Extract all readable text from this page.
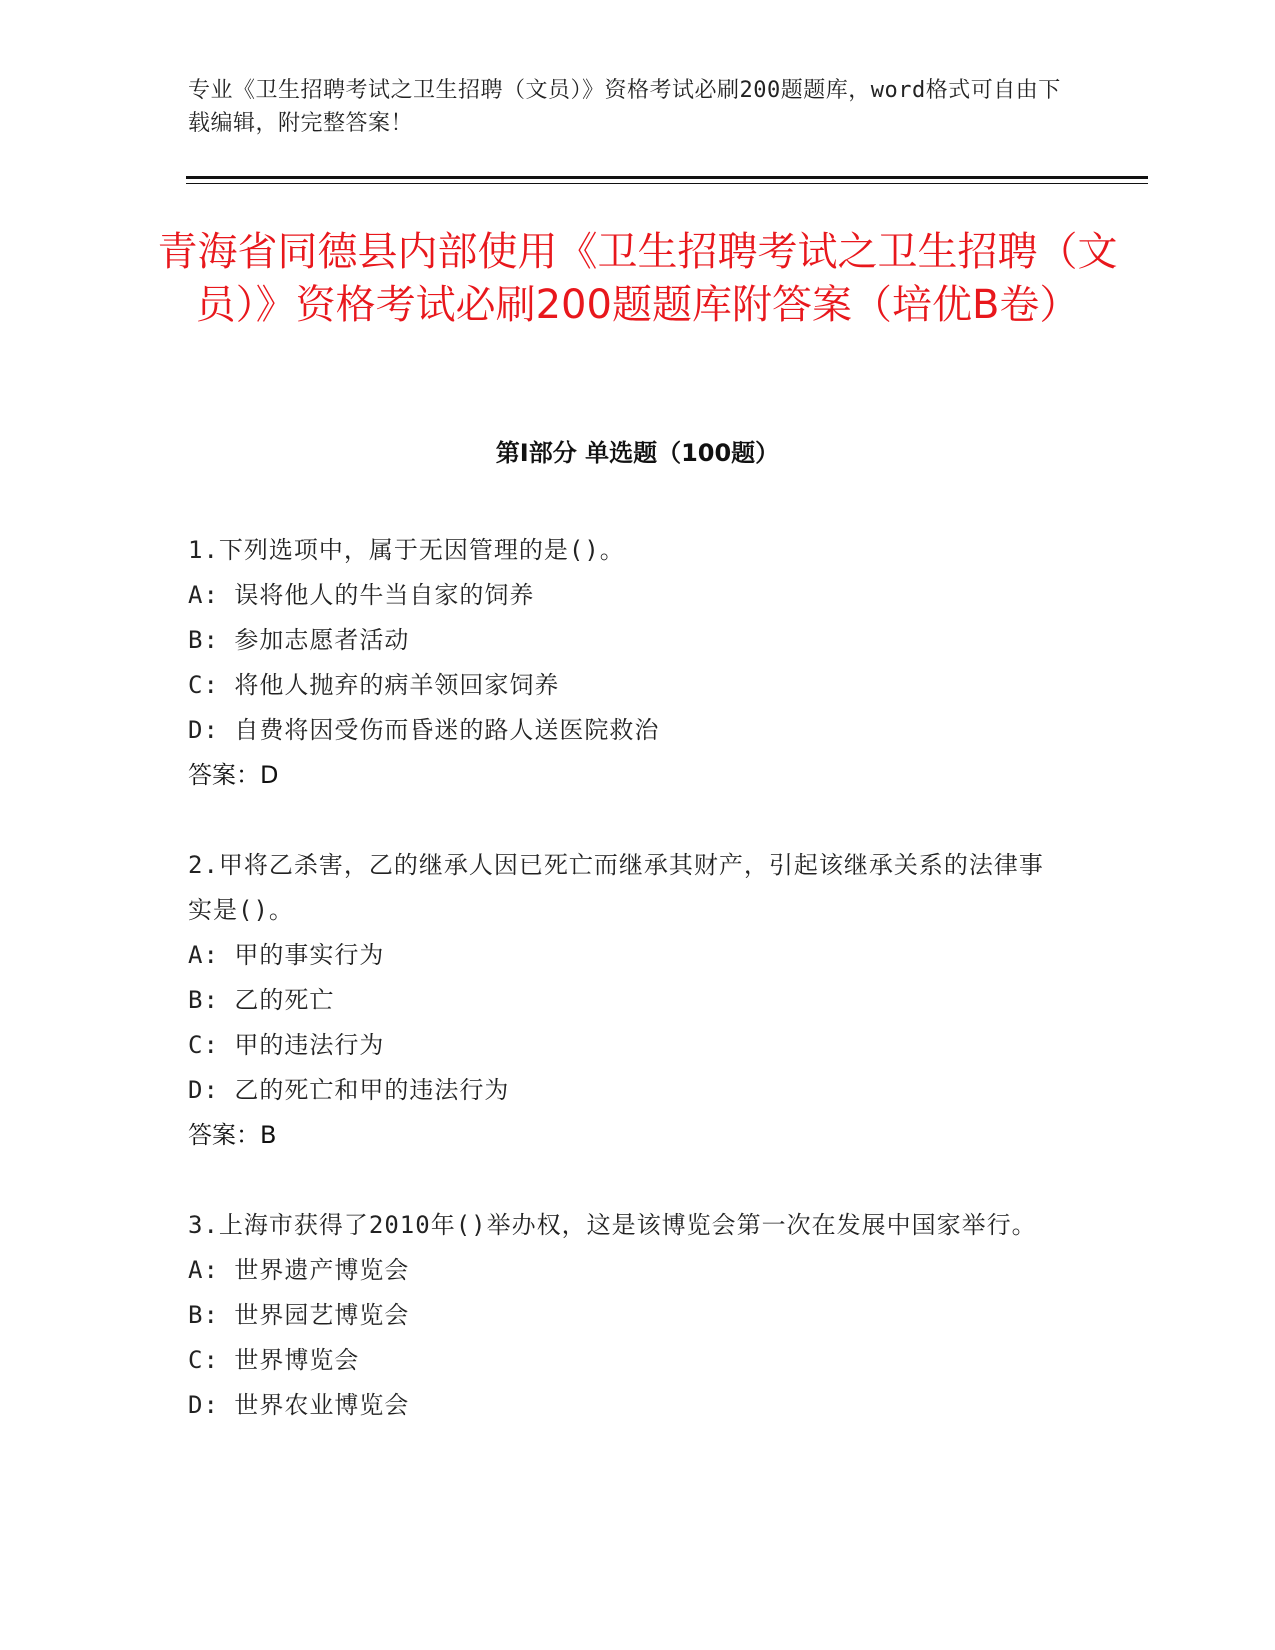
专业《卫生招聘考试之卫生招聘（文员）》资格考试必刷200题题库，word格式可自由下载编辑，附完整答案！
青海省同德县内部使用《卫生招聘考试之卫生招聘（文员）》资格考试必刷200题题库附答案（培优B卷）
第Ⅰ部分 单选题（100题）

1.下列选项中，属于无因管理的是()。

A: 误将他人的牛当自家的饲养
B: 参加志愿者活动
C: 将他人抛弃的病羊领回家饲养
D: 自费将因受伤而昏迷的路人送医院救治
答案：D

2.甲将乙杀害，乙的继承人因已死亡而继承其财产，引起该继承关系的法律事实是()。

A: 甲的事实行为
B: 乙的死亡
C: 甲的违法行为
D: 乙的死亡和甲的违法行为
答案：B

3.上海市获得了2010年()举办权，这是该博览会第一次在发展中国家举行。

A: 世界遗产博览会
B: 世界园艺博览会
C: 世界博览会
D: 世界农业博览会
